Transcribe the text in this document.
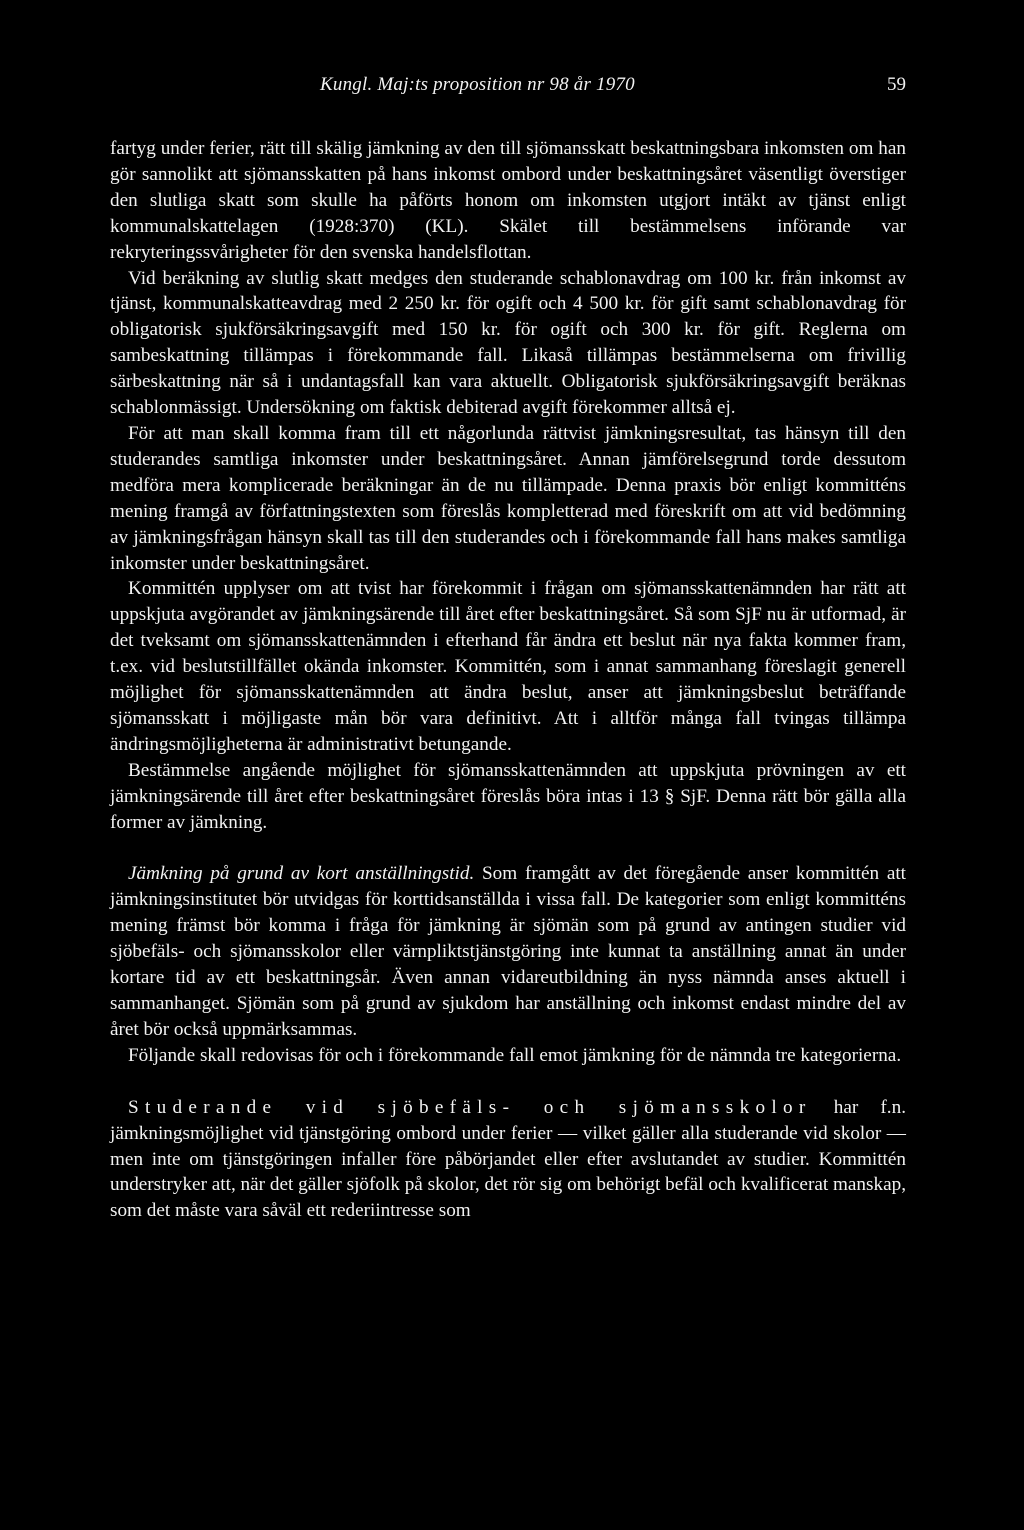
Kungl. Maj:ts proposition nr 98 år 1970	59

fartyg under ferier, rätt till skälig jämkning av den till sjömansskatt beskattningsbara inkomsten om han gör sannolikt att sjömansskatten på hans inkomst ombord under beskattningsåret väsentligt överstiger den slutliga skatt som skulle ha påförts honom om inkomsten utgjort intäkt av tjänst enligt kommunalskattelagen (1928:370) (KL). Skälet till bestämmelsens införande var rekryteringssvårigheter för den svenska handelsflottan.

Vid beräkning av slutlig skatt medges den studerande schablonavdrag om 100 kr. från inkomst av tjänst, kommunalskatteavdrag med 2 250 kr. för ogift och 4 500 kr. för gift samt schablonavdrag för obligatorisk sjukförsäkringsavgift med 150 kr. för ogift och 300 kr. för gift. Reglerna om sambeskattning tillämpas i förekommande fall. Likaså tillämpas bestämmelserna om frivillig särbeskattning när så i undantagsfall kan vara aktuellt. Obligatorisk sjukförsäkringsavgift beräknas schablonmässigt. Undersökning om faktisk debiterad avgift förekommer alltså ej.

För att man skall komma fram till ett någorlunda rättvist jämkningsresultat, tas hänsyn till den studerandes samtliga inkomster under beskattningsåret. Annan jämförelsegrund torde dessutom medföra mera komplicerade beräkningar än de nu tillämpade. Denna praxis bör enligt kommitténs mening framgå av författningstexten som föreslås kompletterad med föreskrift om att vid bedömning av jämkningsfrågan hänsyn skall tas till den studerandes och i förekommande fall hans makes samtliga inkomster under beskattningsåret.

Kommittén upplyser om att tvist har förekommit i frågan om sjömansskattenämnden har rätt att uppskjuta avgörandet av jämkningsärende till året efter beskattningsåret. Så som SjF nu är utformad, är det tveksamt om sjömansskattenämnden i efterhand får ändra ett beslut när nya fakta kommer fram, t.ex. vid beslutstillfället okända inkomster. Kommittén, som i annat sammanhang föreslagit generell möjlighet för sjömansskattenämnden att ändra beslut, anser att jämkningsbeslut beträffande sjömansskatt i möjligaste mån bör vara definitivt. Att i alltför många fall tvingas tillämpa ändringsmöjligheterna är administrativt betungande.

Bestämmelse angående möjlighet för sjömansskattenämnden att uppskjuta prövningen av ett jämkningsärende till året efter beskattningsåret föreslås böra intas i 13 § SjF. Denna rätt bör gälla alla former av jämkning.

Jämkning på grund av kort anställningstid. Som framgått av det föregående anser kommittén att jämkningsinstitutet bör utvidgas för korttidsanställda i vissa fall. De kategorier som enligt kommitténs mening främst bör komma i fråga för jämkning är sjömän som på grund av antingen studier vid sjöbefäls- och sjömansskolor eller värnpliktstjänstgöring inte kunnat ta anställning annat än under kortare tid av ett beskattningsår. Även annan vidareutbildning än nyss nämnda anses aktuell i sammanhanget. Sjömän som på grund av sjukdom har anställning och inkomst endast mindre del av året bör också uppmärksammas.

Följande skall redovisas för och i förekommande fall emot jämkning för de nämnda tre kategorierna.

Studerande vid sjöbefäls- och sjömansskolor har f.n. jämkningsmöjlighet vid tjänstgöring ombord under ferier — vilket gäller alla studerande vid skolor — men inte om tjänstgöringen infaller före påbörjandet eller efter avslutandet av studier. Kommittén understryker att, när det gäller sjöfolk på skolor, det rör sig om behörigt befäl och kvalificerat manskap, som det måste vara såväl ett rederiintresse som
